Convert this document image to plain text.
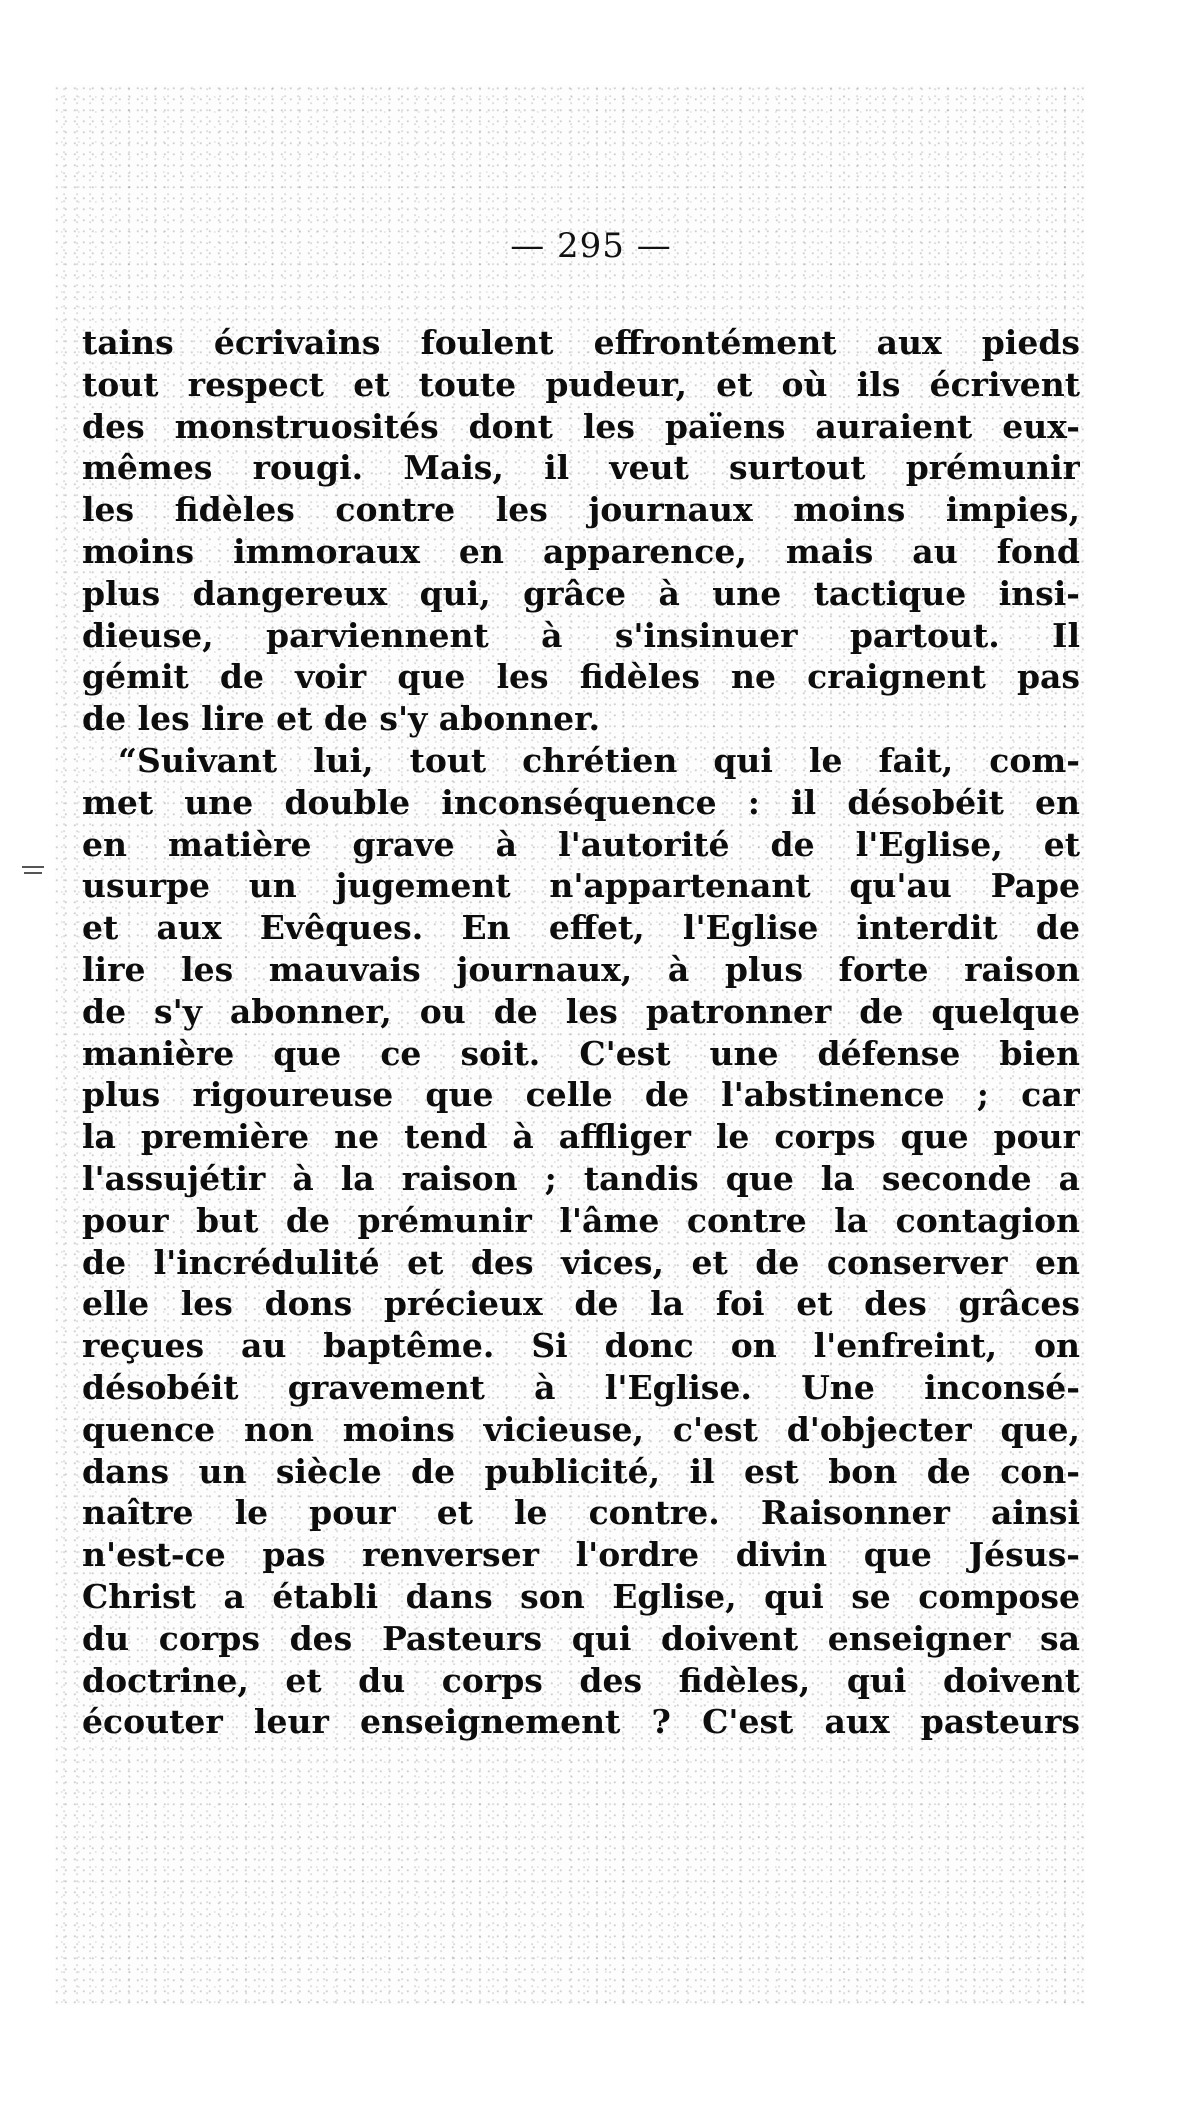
— 295 —
tains écrivains foulent effrontément aux pieds
tout respect et toute pudeur, et où ils écrivent
des monstruosités dont les païens auraient eux-
mêmes rougi. Mais, il veut surtout prémunir
les fidèles contre les journaux moins impies,
moins immoraux en apparence, mais au fond
plus dangereux qui, grâce à une tactique insi-
dieuse, parviennent à s'insinuer partout. Il
gémit de voir que les fidèles ne craignent pas
de les lire et de s'y abonner.
“Suivant lui, tout chrétien qui le fait, com-
met une double inconséquence : il désobéit en
en matière grave à l'autorité de l'Eglise, et
usurpe un jugement n'appartenant qu'au Pape
et aux Evêques. En effet, l'Eglise interdit de
lire les mauvais journaux, à plus forte raison
de s'y abonner, ou de les patronner de quelque
manière que ce soit. C'est une défense bien
plus rigoureuse que celle de l'abstinence ; car
la première ne tend à affliger le corps que pour
l'assujétir à la raison ; tandis que la seconde a
pour but de prémunir l'âme contre la contagion
de l'incrédulité et des vices, et de conserver en
elle les dons précieux de la foi et des grâces
reçues au baptême. Si donc on l'enfreint, on
désobéit gravement à l'Eglise. Une inconsé-
quence non moins vicieuse, c'est d'objecter que,
dans un siècle de publicité, il est bon de con-
naître le pour et le contre. Raisonner ainsi
n'est-ce pas renverser l'ordre divin que Jésus-
Christ a établi dans son Eglise, qui se compose
du corps des Pasteurs qui doivent enseigner sa
doctrine, et du corps des fidèles, qui doivent
écouter leur enseignement ? C'est aux pasteurs
